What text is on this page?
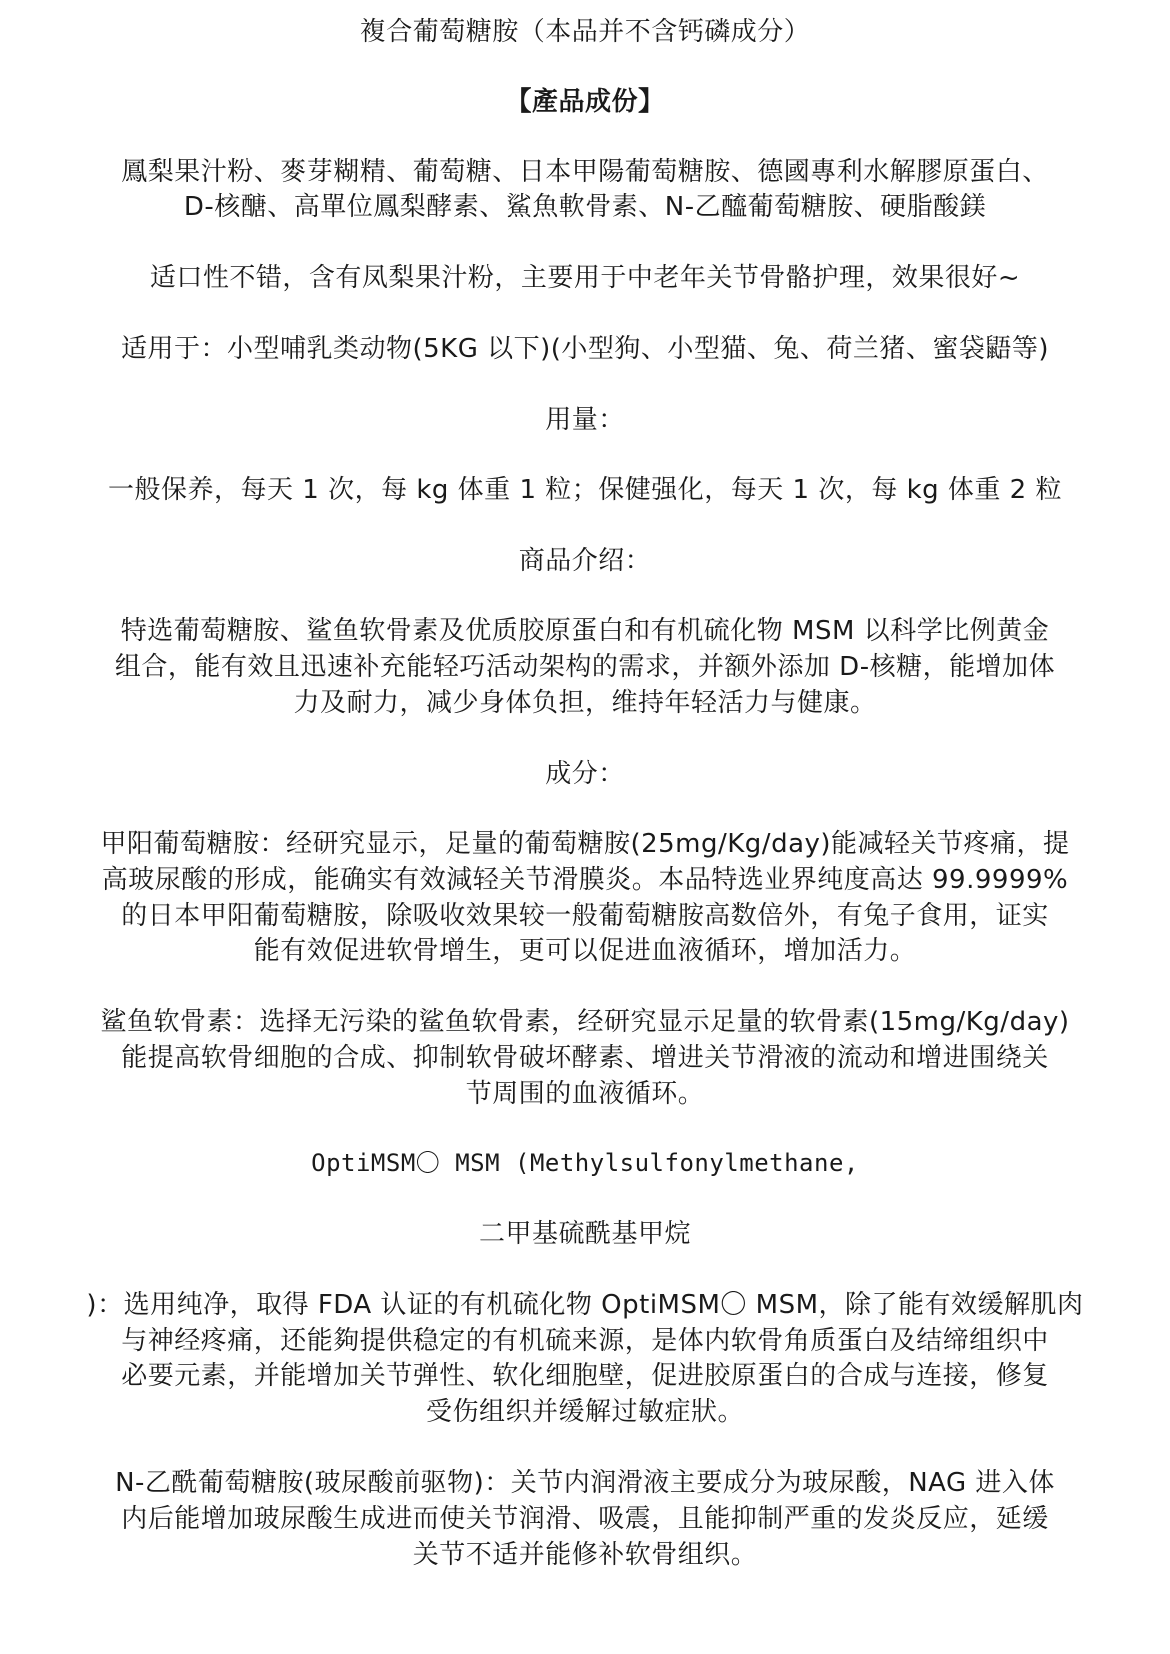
複合葡萄糖胺（本品并不含钙磷成分）
【產品成份】
鳳梨果汁粉、麥芽糊精、葡萄糖、日本甲陽葡萄糖胺、德國專利水解膠原蛋白、
D-核醣、高單位鳳梨酵素、鯊魚軟骨素、N-乙醯葡萄糖胺、硬脂酸鎂
适口性不错，含有凤梨果汁粉，主要用于中老年关节骨骼护理，效果很好~
适用于：小型哺乳类动物(5KG 以下)(小型狗、小型猫、兔、荷兰猪、蜜袋鼯等)
用量：
一般保养，每天 1 次，每 kg 体重 1 粒；保健强化，每天 1 次，每 kg 体重 2 粒
商品介绍：
特选葡萄糖胺、鲨鱼软骨素及优质胶原蛋白和有机硫化物 MSM 以科学比例黄金
组合，能有效且迅速补充能轻巧活动架构的需求，并额外添加 D-核糖，能增加体
力及耐力，减少身体负担，维持年轻活力与健康。
成分：
甲阳葡萄糖胺：经研究显示，足量的葡萄糖胺(25mg/Kg/day)能减轻关节疼痛，提
高玻尿酸的形成，能确实有效減轻关节滑膜炎。本品特选业界纯度高达 99.9999%
的日本甲阳葡萄糖胺，除吸收效果较一般葡萄糖胺高数倍外，有兔子食用，证实
能有效促进软骨增生，更可以促进血液循环，增加活力。
鲨鱼软骨素：选择无污染的鲨鱼软骨素，经研究显示足量的软骨素(15mg/Kg/day)
能提高软骨细胞的合成、抑制软骨破坏酵素、增进关节滑液的流动和增进围绕关
节周围的血液循环。
OptiMSM〇 MSM (Methylsulfonylmethane,
二甲基硫酰基甲烷
)：选用纯净，取得 FDA 认证的有机硫化物 OptiMSM〇 MSM，除了能有效缓解肌肉
与神经疼痛，还能夠提供稳定的有机硫来源，是体内软骨角质蛋白及结缔组织中
必要元素，并能增加关节弹性、软化细胞壁，促进胶原蛋白的合成与连接，修复
受伤组织并缓解过敏症狀。
N-乙酰葡萄糖胺(玻尿酸前驱物)：关节内润滑液主要成分为玻尿酸，NAG 进入体
内后能增加玻尿酸生成进而使关节润滑、吸震，且能抑制严重的发炎反应，延缓
关节不适并能修补软骨组织。
